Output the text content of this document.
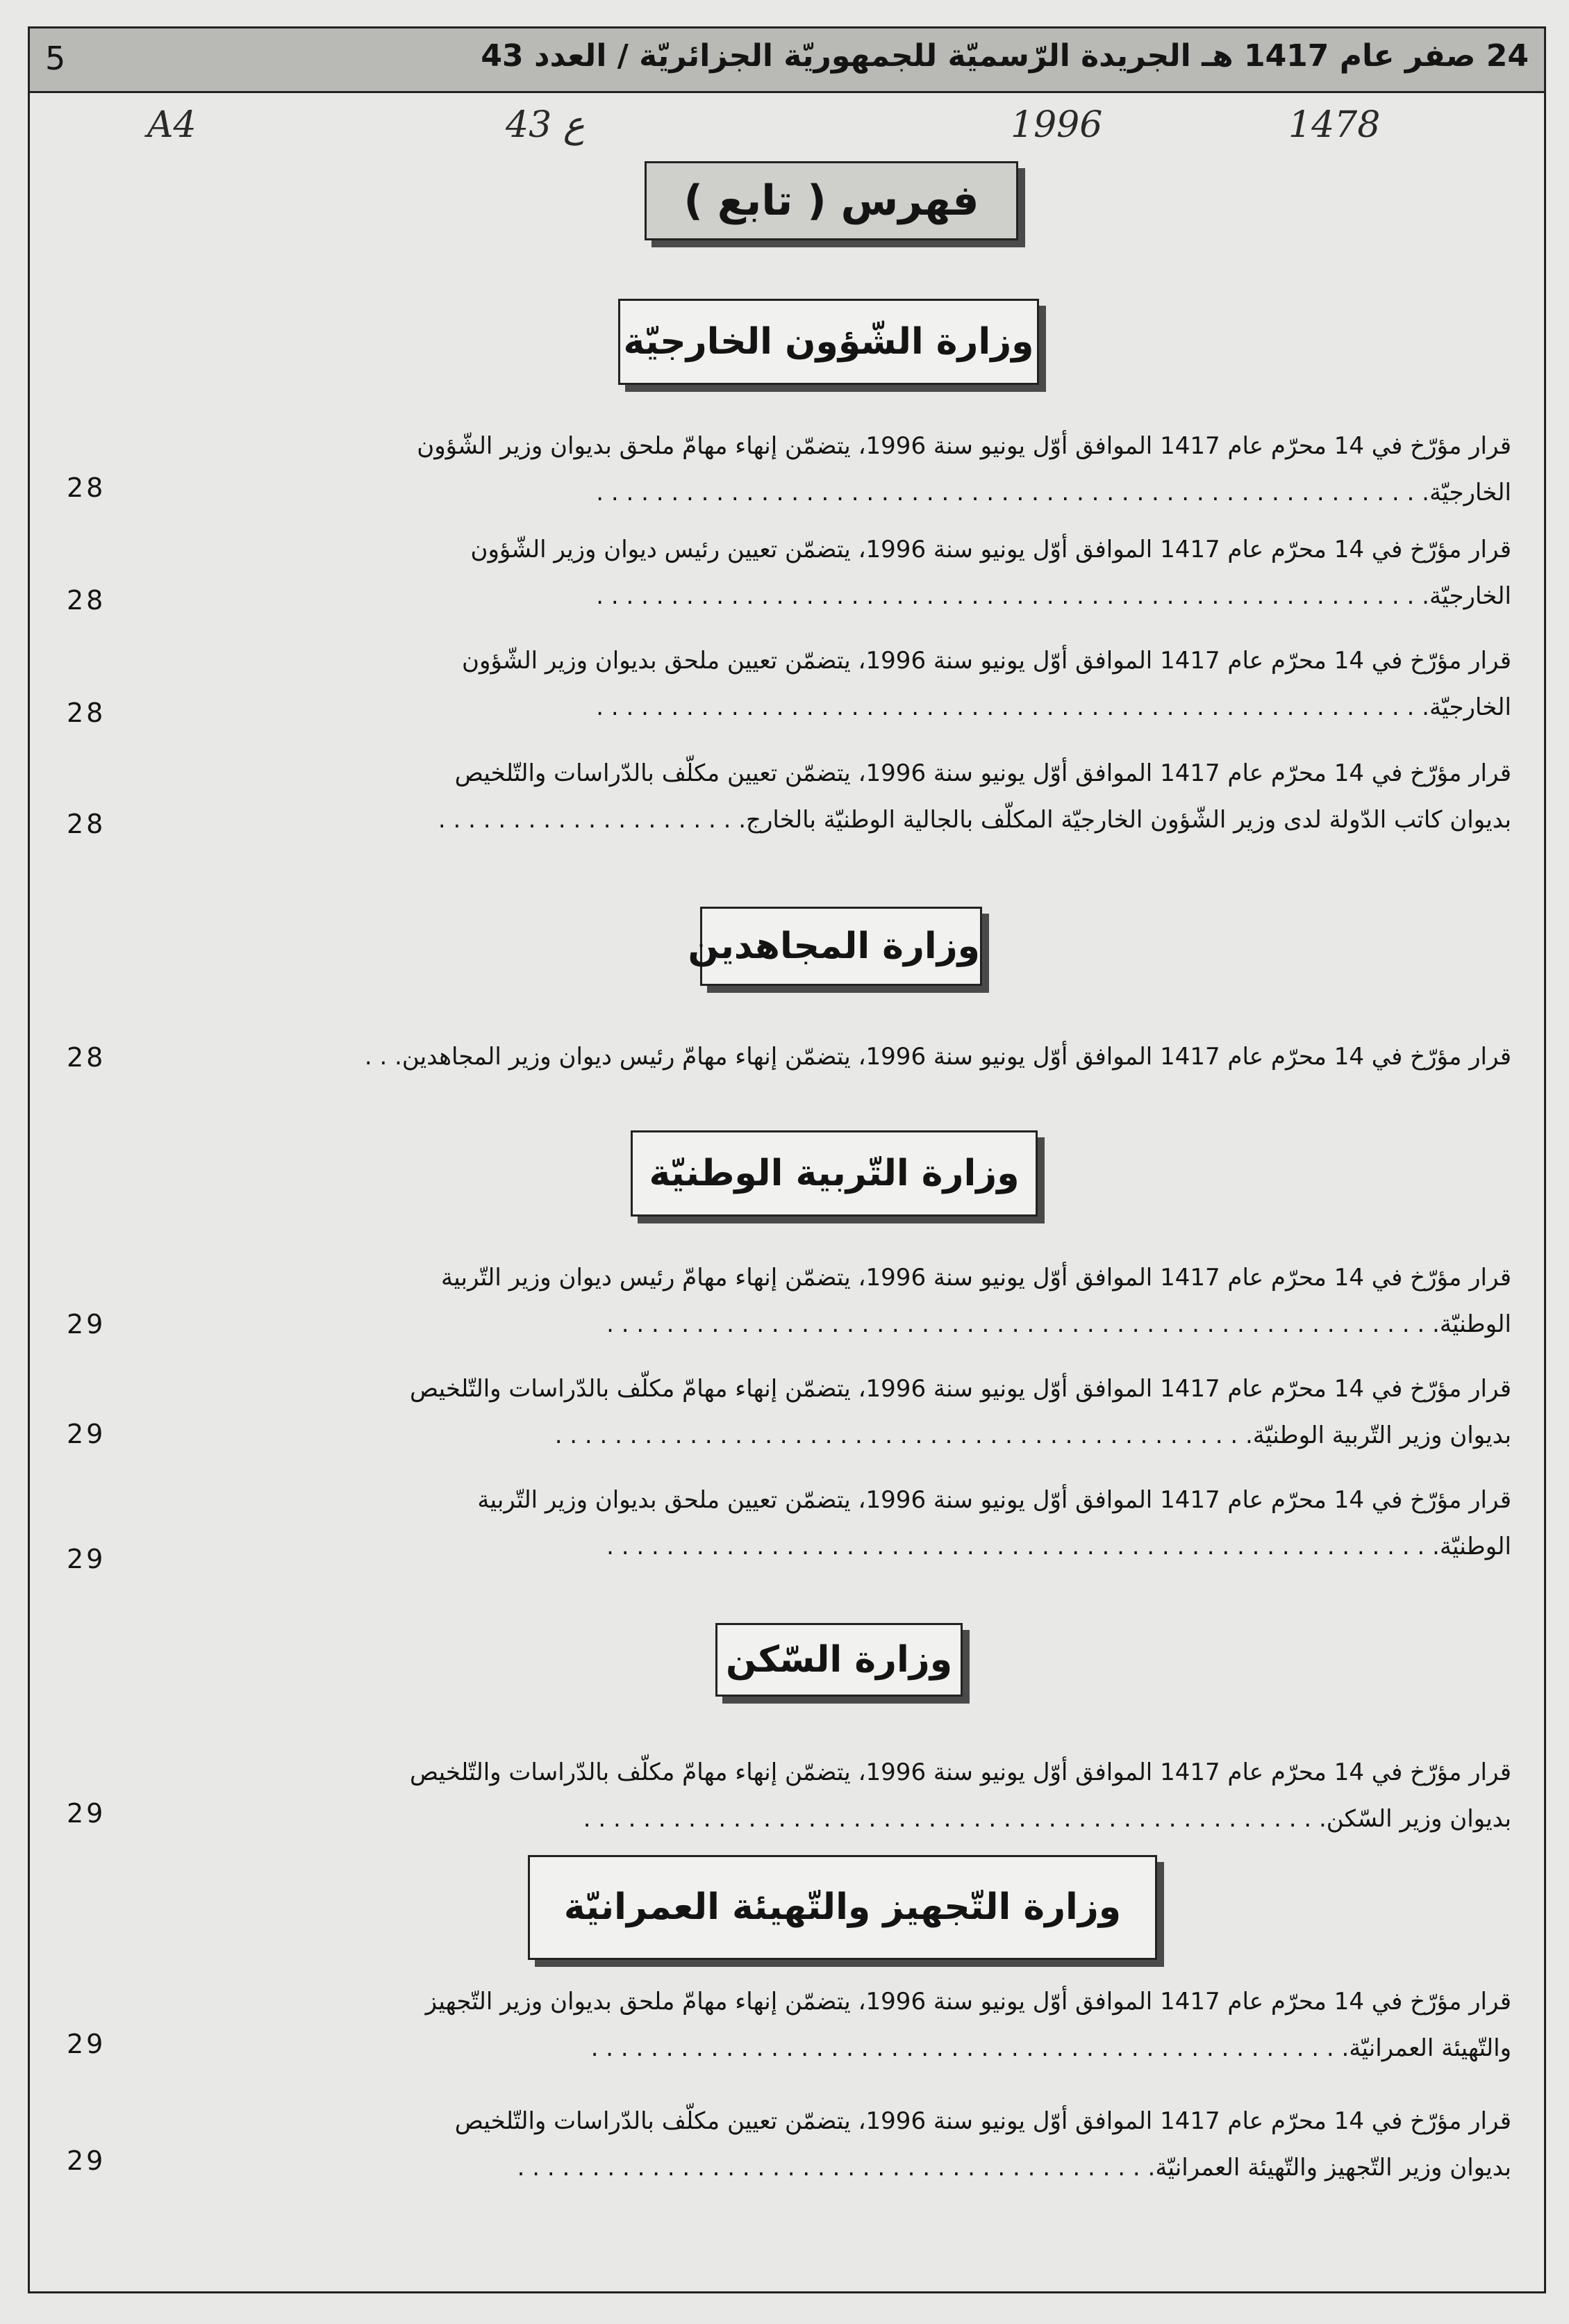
5	24 صفر عام 1417 هـ الجريدة الرّسميّة للجمهوريّة الجزائريّة / العدد 43
A4	43 ع	1996	1478
فهرس ( تابع )
وزارة الشّؤون الخارجيّة
قرار مؤرّخ في 14 محرّم عام 1417 الموافق أوّل يونيو سنة 1996، يتضمّن إنهاء مهامّ ملحق بديوان وزير الشّؤون
الخارجيّة. . . . . . . . . . . . . . . . . . . . . . . . . . . . . . . . . . . . . . . . . . . . . . . . . . . . . . . .
28
قرار مؤرّخ في 14 محرّم عام 1417 الموافق أوّل يونيو سنة 1996، يتضمّن تعيين رئيس ديوان وزير الشّؤون
الخارجيّة. . . . . . . . . . . . . . . . . . . . . . . . . . . . . . . . . . . . . . . . . . . . . . . . . . . . . . . .
28
قرار مؤرّخ في 14 محرّم عام 1417 الموافق أوّل يونيو سنة 1996، يتضمّن تعيين ملحق بديوان وزير الشّؤون
الخارجيّة. . . . . . . . . . . . . . . . . . . . . . . . . . . . . . . . . . . . . . . . . . . . . . . . . . . . . . . .
28
قرار مؤرّخ في 14 محرّم عام 1417 الموافق أوّل يونيو سنة 1996، يتضمّن تعيين مكلّف بالدّراسات والتّلخيص
بديوان كاتب الدّولة لدى وزير الشّؤون الخارجيّة المكلّف بالجالية الوطنيّة بالخارج. . . . . . . . . . . . . . . . . . . . .
28
وزارة المجاهدين
قرار مؤرّخ في 14 محرّم عام 1417 الموافق أوّل يونيو سنة 1996، يتضمّن إنهاء مهامّ رئيس ديوان وزير المجاهدين. . .
28
وزارة التّربية الوطنيّة
قرار مؤرّخ في 14 محرّم عام 1417 الموافق أوّل يونيو سنة 1996، يتضمّن إنهاء مهامّ رئيس ديوان وزير التّربية
الوطنيّة. . . . . . . . . . . . . . . . . . . . . . . . . . . . . . . . . . . . . . . . . . . . . . . . . . . . . . . .
29
قرار مؤرّخ في 14 محرّم عام 1417 الموافق أوّل يونيو سنة 1996، يتضمّن إنهاء مهامّ مكلّف بالدّراسات والتّلخيص
بديوان وزير التّربية الوطنيّة. . . . . . . . . . . . . . . . . . . . . . . . . . . . . . . . . . . . . . . . . . . . . . .
29
قرار مؤرّخ في 14 محرّم عام 1417 الموافق أوّل يونيو سنة 1996، يتضمّن تعيين ملحق بديوان وزير التّربية
الوطنيّة. . . . . . . . . . . . . . . . . . . . . . . . . . . . . . . . . . . . . . . . . . . . . . . . . . . . . . . .
29
وزارة السّكن
قرار مؤرّخ في 14 محرّم عام 1417 الموافق أوّل يونيو سنة 1996، يتضمّن إنهاء مهامّ مكلّف بالدّراسات والتّلخيص
بديوان وزير السّكن. . . . . . . . . . . . . . . . . . . . . . . . . . . . . . . . . . . . . . . . . . . . . . . . . .
29
وزارة التّجهيز والتّهيئة العمرانيّة
قرار مؤرّخ في 14 محرّم عام 1417 الموافق أوّل يونيو سنة 1996، يتضمّن إنهاء مهامّ ملحق بديوان وزير التّجهيز
والتّهيئة العمرانيّة. . . . . . . . . . . . . . . . . . . . . . . . . . . . . . . . . . . . . . . . . . . . . . . . . . .
29
قرار مؤرّخ في 14 محرّم عام 1417 الموافق أوّل يونيو سنة 1996، يتضمّن تعيين مكلّف بالدّراسات والتّلخيص
بديوان وزير التّجهيز والتّهيئة العمرانيّة. . . . . . . . . . . . . . . . . . . . . . . . . . . . . . . . . . . . . . . . . . .
29
